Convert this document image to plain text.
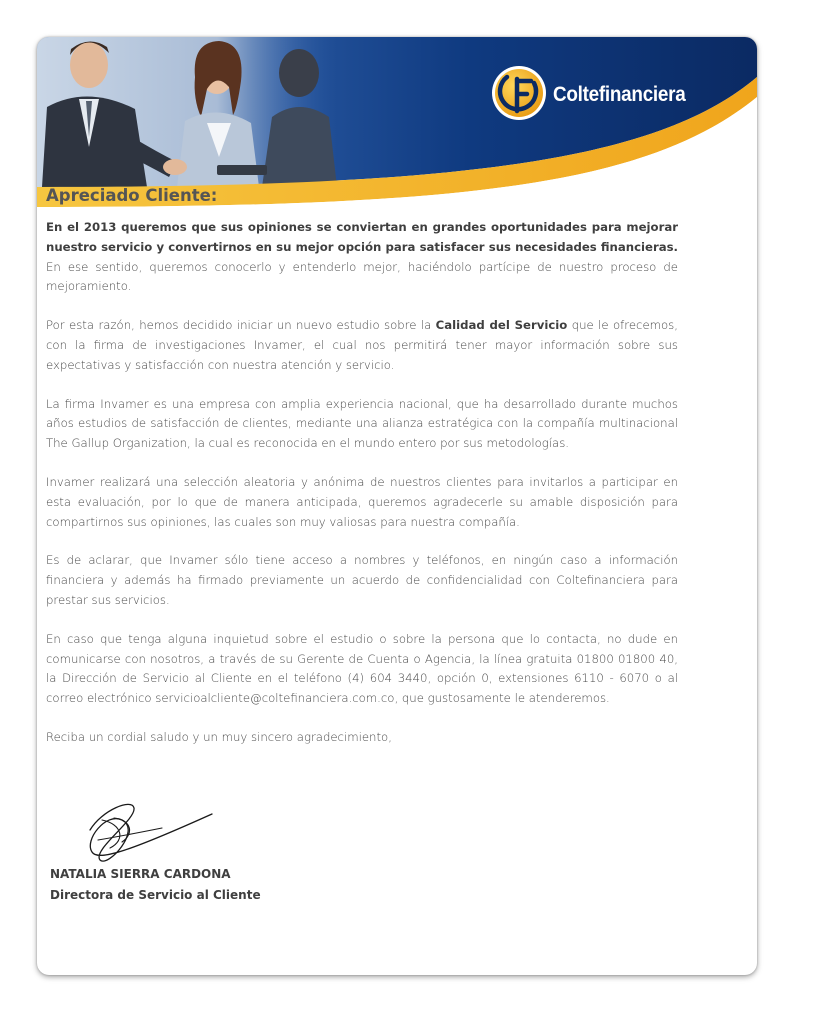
Coltefinanciera
Apreciado Cliente:

En el 2013 queremos que sus opiniones se conviertan en grandes oportunidades para mejorar nuestro servicio y convertirnos en su mejor opción para satisfacer sus necesidades financieras. En ese sentido, queremos conocerlo y entenderlo mejor, haciéndolo partícipe de nuestro proceso de mejoramiento.

Por esta razón, hemos decidido iniciar un nuevo estudio sobre la Calidad del Servicio que le ofrecemos, con la firma de investigaciones Invamer, el cual nos permitirá tener mayor información sobre sus expectativas y satisfacción con nuestra atención y servicio.

La firma Invamer es una empresa con amplia experiencia nacional, que ha desarrollado durante muchos años estudios de satisfacción de clientes, mediante una alianza estratégica con la compañía multinacional The Gallup Organization, la cual es reconocida en el mundo entero por sus metodologías.

Invamer realizará una selección aleatoria y anónima de nuestros clientes para invitarlos a participar en esta evaluación, por lo que de manera anticipada, queremos agradecerle su amable disposición para compartirnos sus opiniones, las cuales son muy valiosas para nuestra compañía.

Es de aclarar, que Invamer sólo tiene acceso a nombres y teléfonos, en ningún caso a información financiera y además ha firmado previamente un acuerdo de confidencialidad con Coltefinanciera para prestar sus servicios.

En caso que tenga alguna inquietud sobre el estudio o sobre la persona que lo contacta, no dude en comunicarse con nosotros, a través de su Gerente de Cuenta o Agencia, la línea gratuita 01800 01800 40, la Dirección de Servicio al Cliente en el teléfono (4) 604 3440, opción 0, extensiones 6110 - 6070 o al correo electrónico servicioalcliente@coltefinanciera.com.co, que gustosamente le atenderemos.

Reciba un cordial saludo y un muy sincero agradecimiento,

NATALIA SIERRA CARDONA
Directora de Servicio al Cliente
